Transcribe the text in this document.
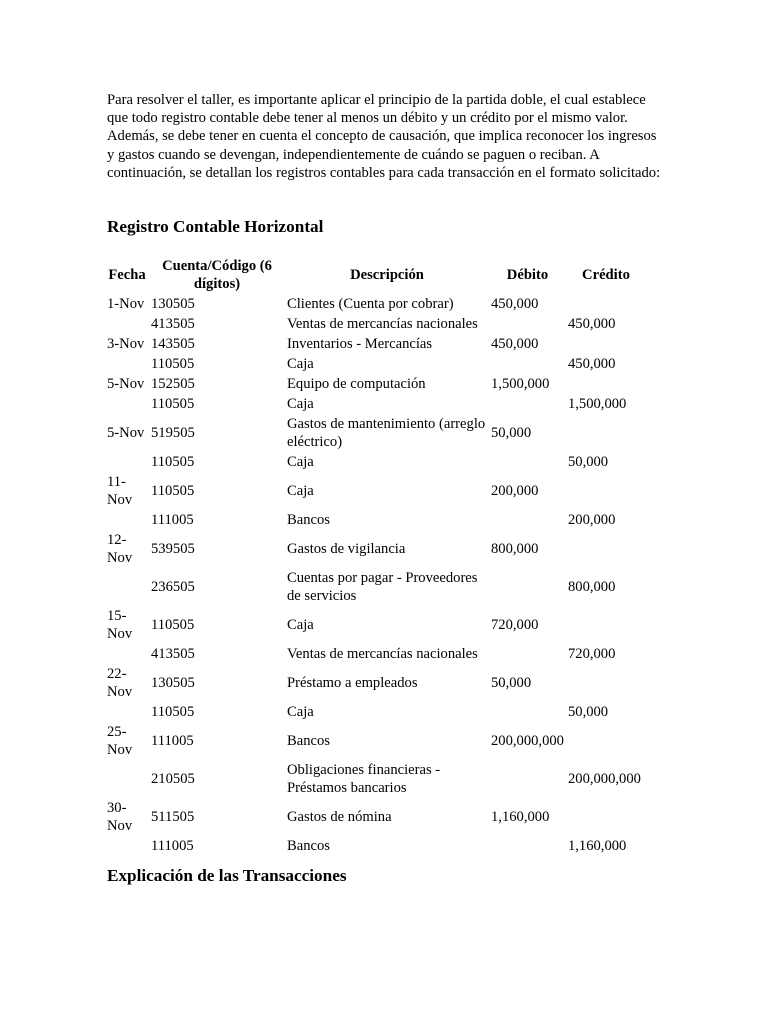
Para resolver el taller, es importante aplicar el principio de la partida doble, el cual establece que todo registro contable debe tener al menos un débito y un crédito por el mismo valor. Además, se debe tener en cuenta el concepto de causación, que implica reconocer los ingresos y gastos cuando se devengan, independientemente de cuándo se paguen o reciban. A continuación, se detallan los registros contables para cada transacción en el formato solicitado:

Registro Contable Horizontal
Fecha	Cuenta/Código (6 dígitos)	Descripción	Débito	Crédito
1-Nov	130505	Clientes (Cuenta por cobrar)	450,000	
	413505	Ventas de mercancías nacionales		450,000
3-Nov	143505	Inventarios - Mercancías	450,000	
	110505	Caja		450,000
5-Nov	152505	Equipo de computación	1,500,000	
	110505	Caja		1,500,000
5-Nov	519505	Gastos de mantenimiento (arreglo eléctrico)	50,000	
	110505	Caja		50,000
11-Nov	110505	Caja	200,000	
	111005	Bancos		200,000
12-Nov	539505	Gastos de vigilancia	800,000	
	236505	Cuentas por pagar - Proveedores de servicios		800,000
15-Nov	110505	Caja	720,000	
	413505	Ventas de mercancías nacionales		720,000
22-Nov	130505	Préstamo a empleados	50,000	
	110505	Caja		50,000
25-Nov	111005	Bancos	200,000,000	
	210505	Obligaciones financieras - Préstamos bancarios		200,000,000
30-Nov	511505	Gastos de nómina	1,160,000	
	111005	Bancos		1,160,000
Explicación de las Transacciones
